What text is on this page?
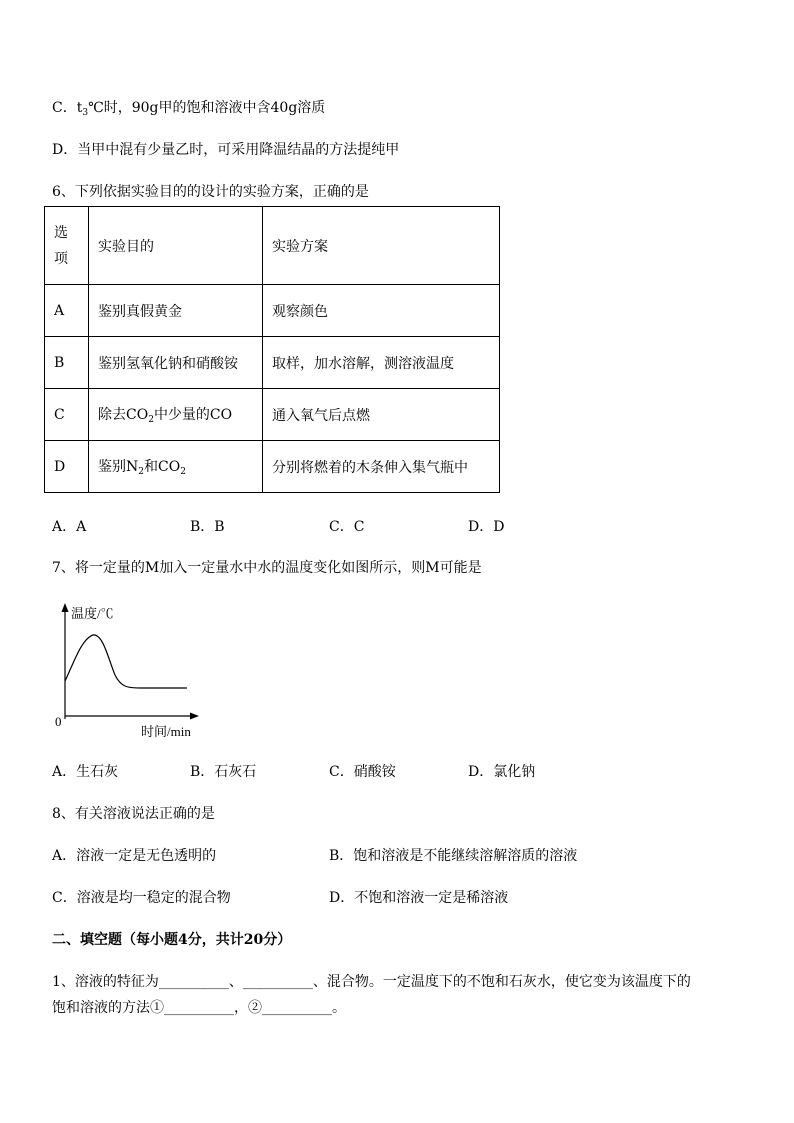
C．$t_3℃$时，90g甲的饱和溶液中含40g溶质
D．当甲中混有少量乙时，可采用降温结晶的方法提纯甲
6、下列依据实验目的的设计的实验方案，正确的是
选
项	实验目的	实验方案
A	鉴别真假黄金	观察颜色
B	鉴别氢氧化钠和硝酸铵	取样，加水溶解，测溶液温度
C	除去$CO_2$中少量的CO	通入氧气后点燃
D	鉴别$N_2$和$CO_2$	分别将燃着的木条伸入集气瓶中
A．A	B．B	C．C	D．D
7、将一定量的M加入一定量水中水的温度变化如图所示，则M可能是
温度/℃
0
时间/min
A．生石灰	B．石灰石	C．硝酸铵	D．氯化钠
8、有关溶液说法正确的是
A．溶液一定是无色透明的	B．饱和溶液是不能继续溶解溶质的溶液
C．溶液是均一稳定的混合物	D．不饱和溶液一定是稀溶液
二、填空题（每小题4分，共计20分）
1、溶液的特征为__________、__________、混合物。一定温度下的不饱和石灰水，使它变为该温度下的
饱和溶液的方法①__________，②__________。
